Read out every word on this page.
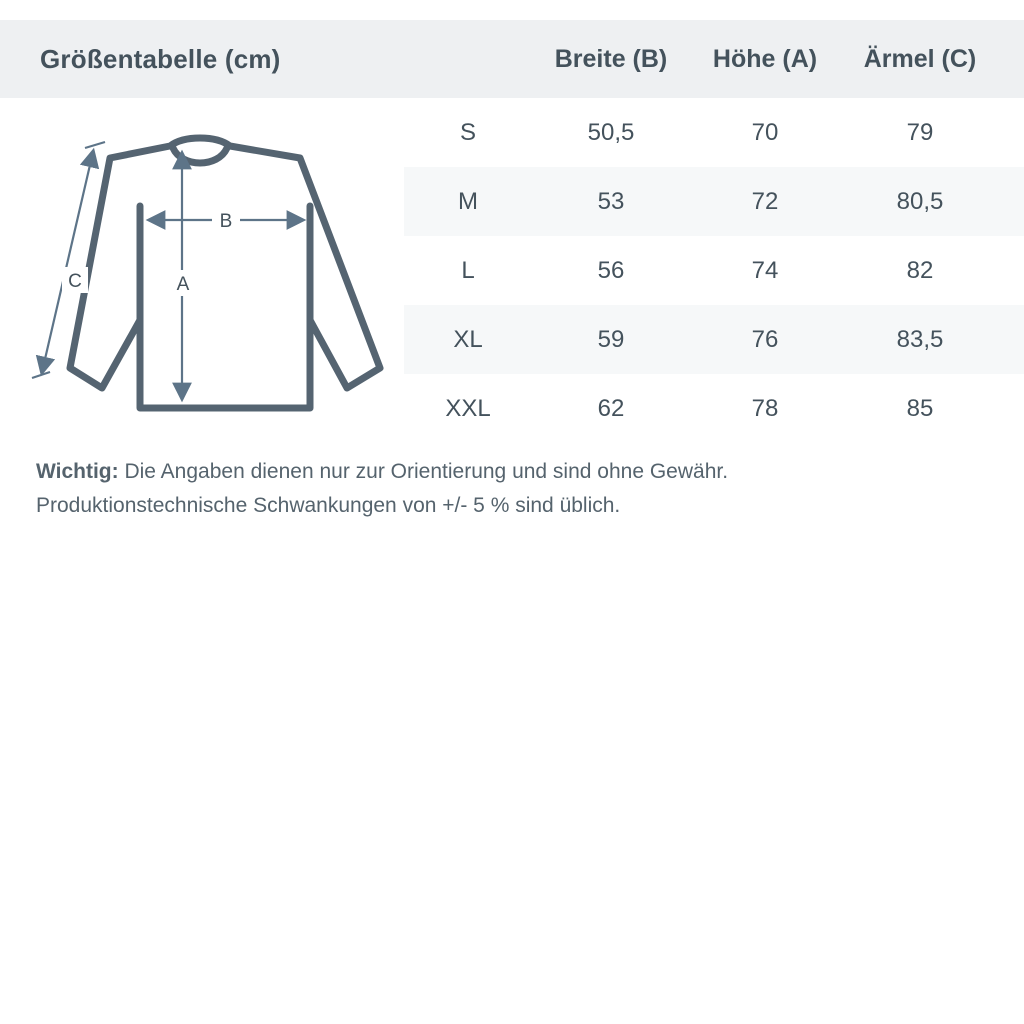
Größentabelle (cm)	Breite (B)	Höhe (A)	Ärmel (C)
S	50,5	70	79
M	53	72	80,5
L	56	74	82
XL	59	76	83,5
XXL	62	78	85
C
B
A
Wichtig: Die Angaben dienen nur zur Orientierung und sind ohne Gewähr.
Produktionstechnische Schwankungen von +/- 5 % sind üblich.
